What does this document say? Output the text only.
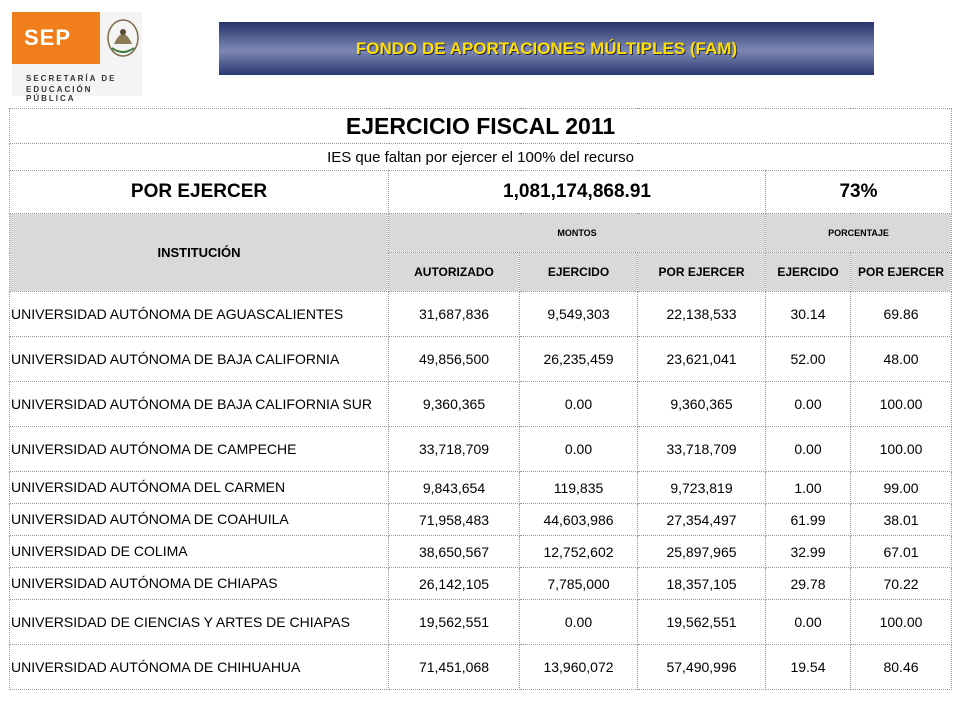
SEP
SECRETARÍA DE
EDUCACIÓN PÚBLICA
FONDO DE APORTACIONES MÚLTIPLES (FAM)
EJERCICIO FISCAL 2011					
IES que faltan por ejercer el 100% del recurso					
POR EJERCER	1,081,174,868.91			73%	
INSTITUCIÓN	MONTOS			PORCENTAJE	
	AUTORIZADO	EJERCIDO	POR EJERCER	EJERCIDO	POR EJERCER
UNIVERSIDAD AUTÓNOMA DE AGUASCALIENTES	31,687,836	9,549,303	22,138,533	30.14	69.86
UNIVERSIDAD AUTÓNOMA DE BAJA CALIFORNIA	49,856,500	26,235,459	23,621,041	52.00	48.00
UNIVERSIDAD AUTÓNOMA DE BAJA CALIFORNIA SUR	9,360,365	0.00	9,360,365	0.00	100.00
UNIVERSIDAD AUTÓNOMA DE CAMPECHE	33,718,709	0.00	33,718,709	0.00	100.00
UNIVERSIDAD AUTÓNOMA DEL CARMEN	9,843,654	119,835	9,723,819	1.00	99.00
UNIVERSIDAD AUTÓNOMA DE COAHUILA	71,958,483	44,603,986	27,354,497	61.99	38.01
UNIVERSIDAD DE COLIMA	38,650,567	12,752,602	25,897,965	32.99	67.01
UNIVERSIDAD AUTÓNOMA DE CHIAPAS	26,142,105	7,785,000	18,357,105	29.78	70.22
UNIVERSIDAD DE CIENCIAS Y ARTES DE CHIAPAS	19,562,551	0.00	19,562,551	0.00	100.00
UNIVERSIDAD AUTÓNOMA DE CHIHUAHUA	71,451,068	13,960,072	57,490,996	19.54	80.46
